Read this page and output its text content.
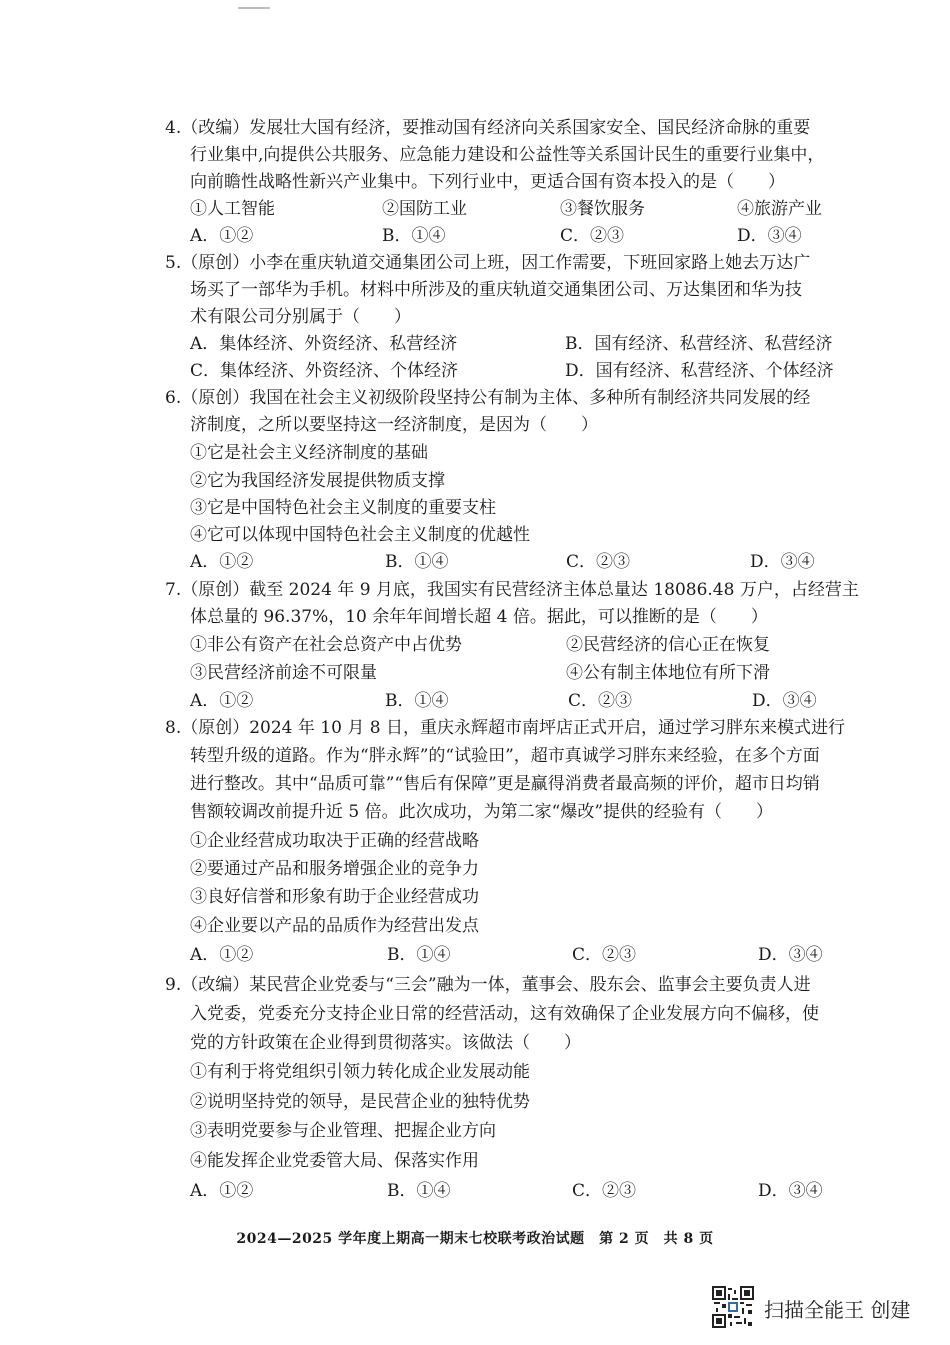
4.（改编）发展壮大国有经济，要推动国有经济向关系国家安全、国民经济命脉的重要
行业集中,向提供公共服务、应急能力建设和公益性等关系国计民生的重要行业集中，
向前瞻性战略性新兴产业集中。下列行业中，更适合国有资本投入的是（　　）
①人工智能	②国防工业	③餐饮服务	④旅游产业
A．①②	B．①④	C．②③	D．③④
5.（原创）小李在重庆轨道交通集团公司上班，因工作需要，下班回家路上她去万达广
场买了一部华为手机。材料中所涉及的重庆轨道交通集团公司、万达集团和华为技
术有限公司分别属于（　　）
A．集体经济、外资经济、私营经济	B．国有经济、私营经济、私营经济
C．集体经济、外资经济、个体经济	D．国有经济、私营经济、个体经济
6.（原创）我国在社会主义初级阶段坚持公有制为主体、多种所有制经济共同发展的经
济制度，之所以要坚持这一经济制度，是因为（　　）
①它是社会主义经济制度的基础
②它为我国经济发展提供物质支撑
③它是中国特色社会主义制度的重要支柱
④它可以体现中国特色社会主义制度的优越性
A．①②	B．①④	C．②③	D．③④
7.（原创）截至 2024 年 9 月底，我国实有民营经济主体总量达 18086.48 万户，占经营主
体总量的 96.37%，10 余年年间增长超 4 倍。据此，可以推断的是（　　）
①非公有资产在社会总资产中占优势	②民营经济的信心正在恢复
③民营经济前途不可限量	④公有制主体地位有所下滑
A．①②	B．①④	C．②③	D．③④
8.（原创）2024 年 10 月 8 日，重庆永辉超市南坪店正式开启，通过学习胖东来模式进行
转型升级的道路。作为“胖永辉”的“试验田”，超市真诚学习胖东来经验，在多个方面
进行整改。其中“品质可靠”“售后有保障”更是赢得消费者最高频的评价，超市日均销
售额较调改前提升近 5 倍。此次成功，为第二家“爆改”提供的经验有（　　）
①企业经营成功取决于正确的经营战略
②要通过产品和服务增强企业的竞争力
③良好信誉和形象有助于企业经营成功
④企业要以产品的品质作为经营出发点
A．①②	B．①④	C．②③	D．③④
9.（改编）某民营企业党委与“三会”融为一体，董事会、股东会、监事会主要负责人进
入党委，党委充分支持企业日常的经营活动，这有效确保了企业发展方向不偏移，使
党的方针政策在企业得到贯彻落实。该做法（　　）
①有利于将党组织引领力转化成企业发展动能
②说明坚持党的领导，是民营企业的独特优势
③表明党要参与企业管理、把握企业方向
④能发挥企业党委管大局、保落实作用
A．①②	B．①④	C．②③	D．③④
2024—2025 学年度上期高一期末七校联考政治试题　第 2 页　共 8 页
扫描全能王 创建
